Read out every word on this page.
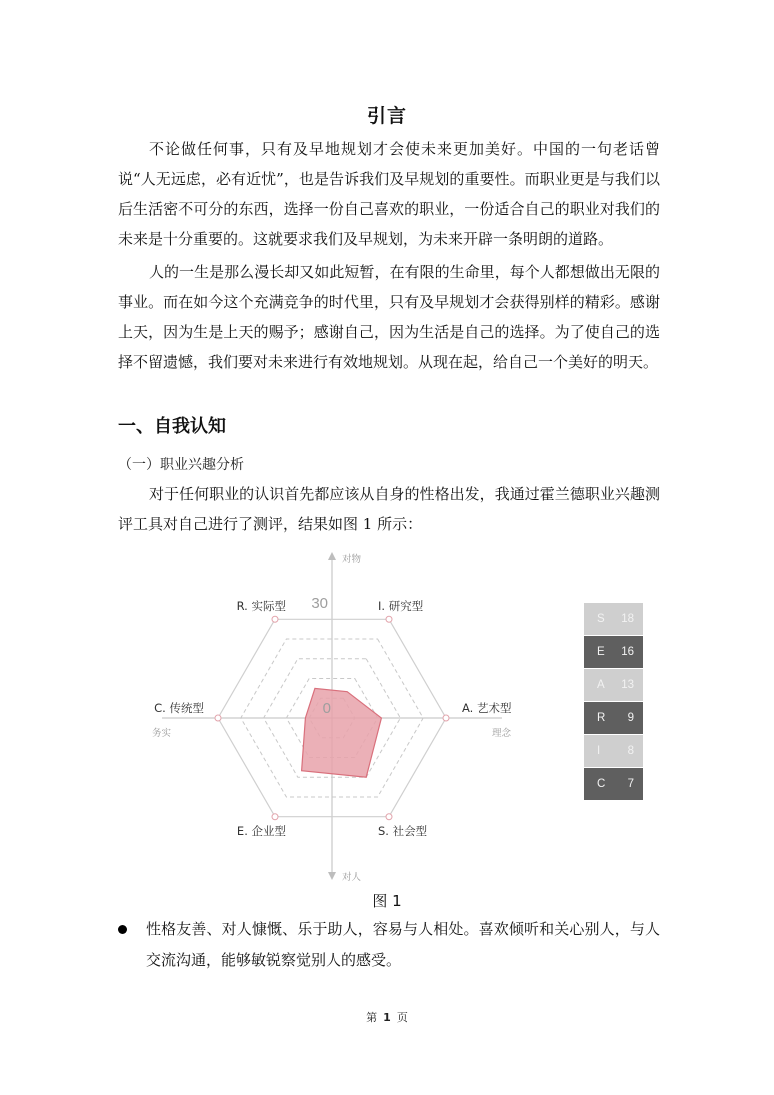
引言

不论做任何事，只有及早地规划才会使未来更加美好。中国的一句老话曾说“人无远虑，必有近忧”，也是告诉我们及早规划的重要性。而职业更是与我们以后生活密不可分的东西，选择一份自己喜欢的职业，一份适合自己的职业对我们的未来是十分重要的。这就要求我们及早规划，为未来开辟一条明朗的道路。

人的一生是那么漫长却又如此短暂，在有限的生命里，每个人都想做出无限的事业。而在如今这个充满竞争的时代里，只有及早规划才会获得别样的精彩。感谢上天，因为生是上天的赐予；感谢自己，因为生活是自己的选择。为了使自己的选择不留遗憾，我们要对未来进行有效地规划。从现在起，给自己一个美好的明天。

一、自我认知
（一）职业兴趣分析

对于任何职业的认识首先都应该从自身的性格出发，我通过霍兰德职业兴趣测评工具对自己进行了测评，结果如图 1 所示：

30
0
对物
对人
务实	理念
I. 研究型
A. 艺术型
S. 社会型
E. 企业型
C. 传统型
R. 实际型
S 18
E 16
A 13
R 9
I 8
C 7
图 1

性格友善、对人慷慨、乐于助人，容易与人相处。喜欢倾听和关心别人，与人交流沟通，能够敏锐察觉别人的感受。

第 1 页
